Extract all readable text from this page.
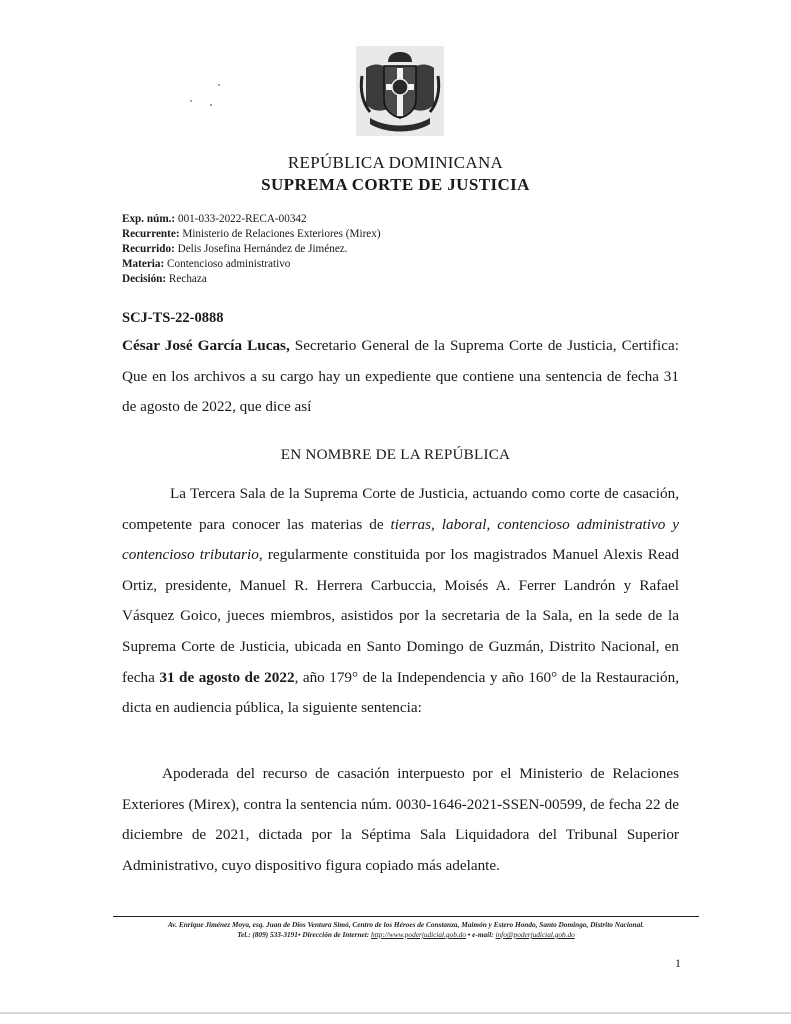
REPÚBLICA DOMINICANA
SUPREMA CORTE DE JUSTICIA
Exp. núm.: 001-033-2022-RECA-00342
Recurrente: Ministerio de Relaciones Exteriores (Mirex)
Recurrido: Delis Josefina Hernández de Jiménez.
Materia: Contencioso administrativo
Decisión: Rechaza
SCJ-TS-22-0888
César José García Lucas, Secretario General de la Suprema Corte de Justicia, Certifica: Que en los archivos a su cargo hay un expediente que contiene una sentencia de fecha 31 de agosto de 2022, que dice así
EN NOMBRE DE LA REPÚBLICA
La Tercera Sala de la Suprema Corte de Justicia, actuando como corte de casación, competente para conocer las materias de tierras, laboral, contencioso administrativo y contencioso tributario, regularmente constituida por los magistrados Manuel Alexis Read Ortiz, presidente, Manuel R. Herrera Carbuccia, Moisés A. Ferrer Landrón y Rafael Vásquez Goico, jueces miembros, asistidos por la secretaria de la Sala, en la sede de la Suprema Corte de Justicia, ubicada en Santo Domingo de Guzmán, Distrito Nacional, en fecha 31 de agosto de 2022, año 179° de la Independencia y año 160° de la Restauración, dicta en audiencia pública, la siguiente sentencia:
Apoderada del recurso de casación interpuesto por el Ministerio de Relaciones Exteriores (Mirex), contra la sentencia núm. 0030-1646-2021-SSEN-00599, de fecha 22 de diciembre de 2021, dictada por la Séptima Sala Liquidadora del Tribunal Superior Administrativo, cuyo dispositivo figura copiado más adelante.
Av. Enrique Jiménez Moya, esq. Juan de Dios Ventura Simó, Centro de los Héroes de Constanza, Maimón y Estero Hondo, Santo Domingo, Distrito Nacional.
Tel.: (809) 533-3191• Dirección de Internet: http://www.poderjudicial.gob.do • e-mail: info@poderjudicial.gob.do
1
